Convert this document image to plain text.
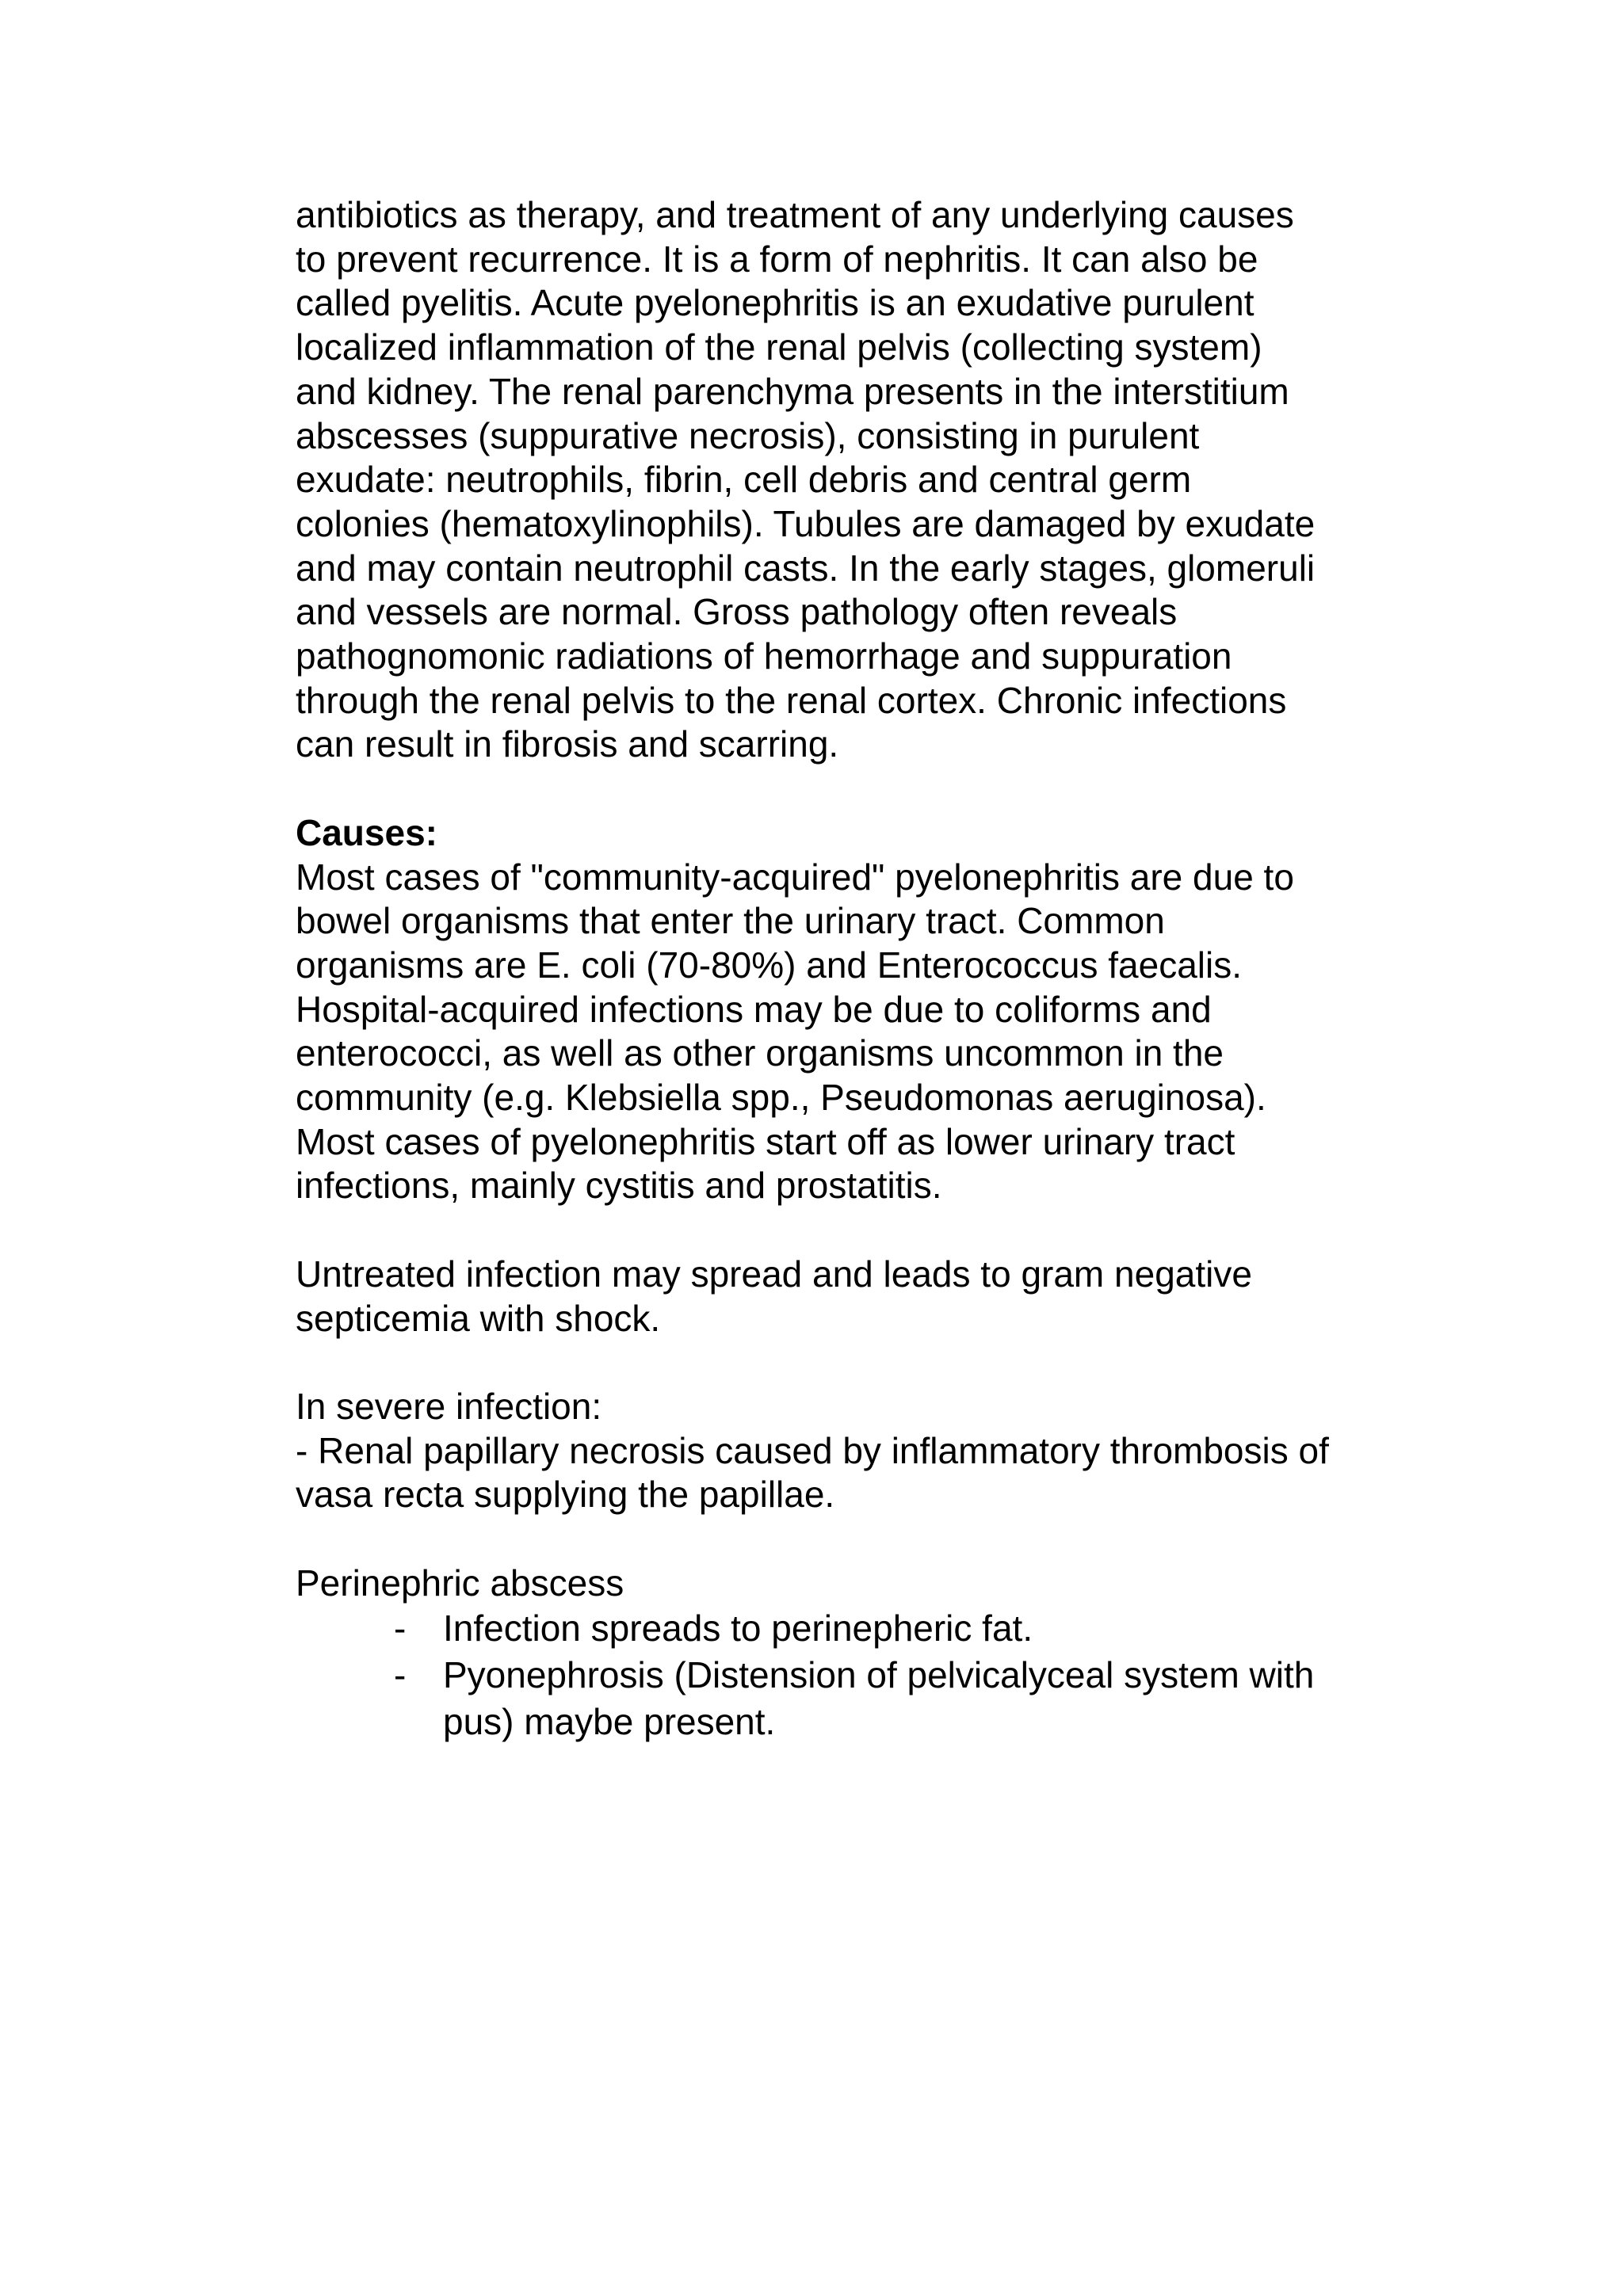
antibiotics as therapy, and treatment of any underlying causes
to prevent recurrence. It is a form of nephritis. It can also be
called pyelitis. Acute pyelonephritis is an exudative purulent
localized inflammation of the renal pelvis (collecting system)
and kidney. The renal parenchyma presents in the interstitium
abscesses (suppurative necrosis), consisting in purulent
exudate: neutrophils, fibrin, cell debris and central germ
colonies (hematoxylinophils). Tubules are damaged by exudate
and may contain neutrophil casts. In the early stages, glomeruli
and vessels are normal. Gross pathology often reveals
pathognomonic radiations of hemorrhage and suppuration
through the renal pelvis to the renal cortex. Chronic infections
can result in fibrosis and scarring.
Causes:
Most cases of "community-acquired" pyelonephritis are due to
bowel organisms that enter the urinary tract. Common
organisms are E. coli (70-80%) and Enterococcus faecalis.
Hospital-acquired infections may be due to coliforms and
enterococci, as well as other organisms uncommon in the
community (e.g. Klebsiella spp., Pseudomonas aeruginosa).
Most cases of pyelonephritis start off as lower urinary tract
infections, mainly cystitis and prostatitis.
Untreated infection may spread and leads to gram negative
septicemia with shock.
In severe infection:
- Renal papillary necrosis caused by inflammatory thrombosis of
vasa recta supplying the papillae.
Perinephric abscess
- Infection spreads to perinepheric fat.
- Pyonephrosis (Distension of pelvicalyceal system with
pus) maybe present.
